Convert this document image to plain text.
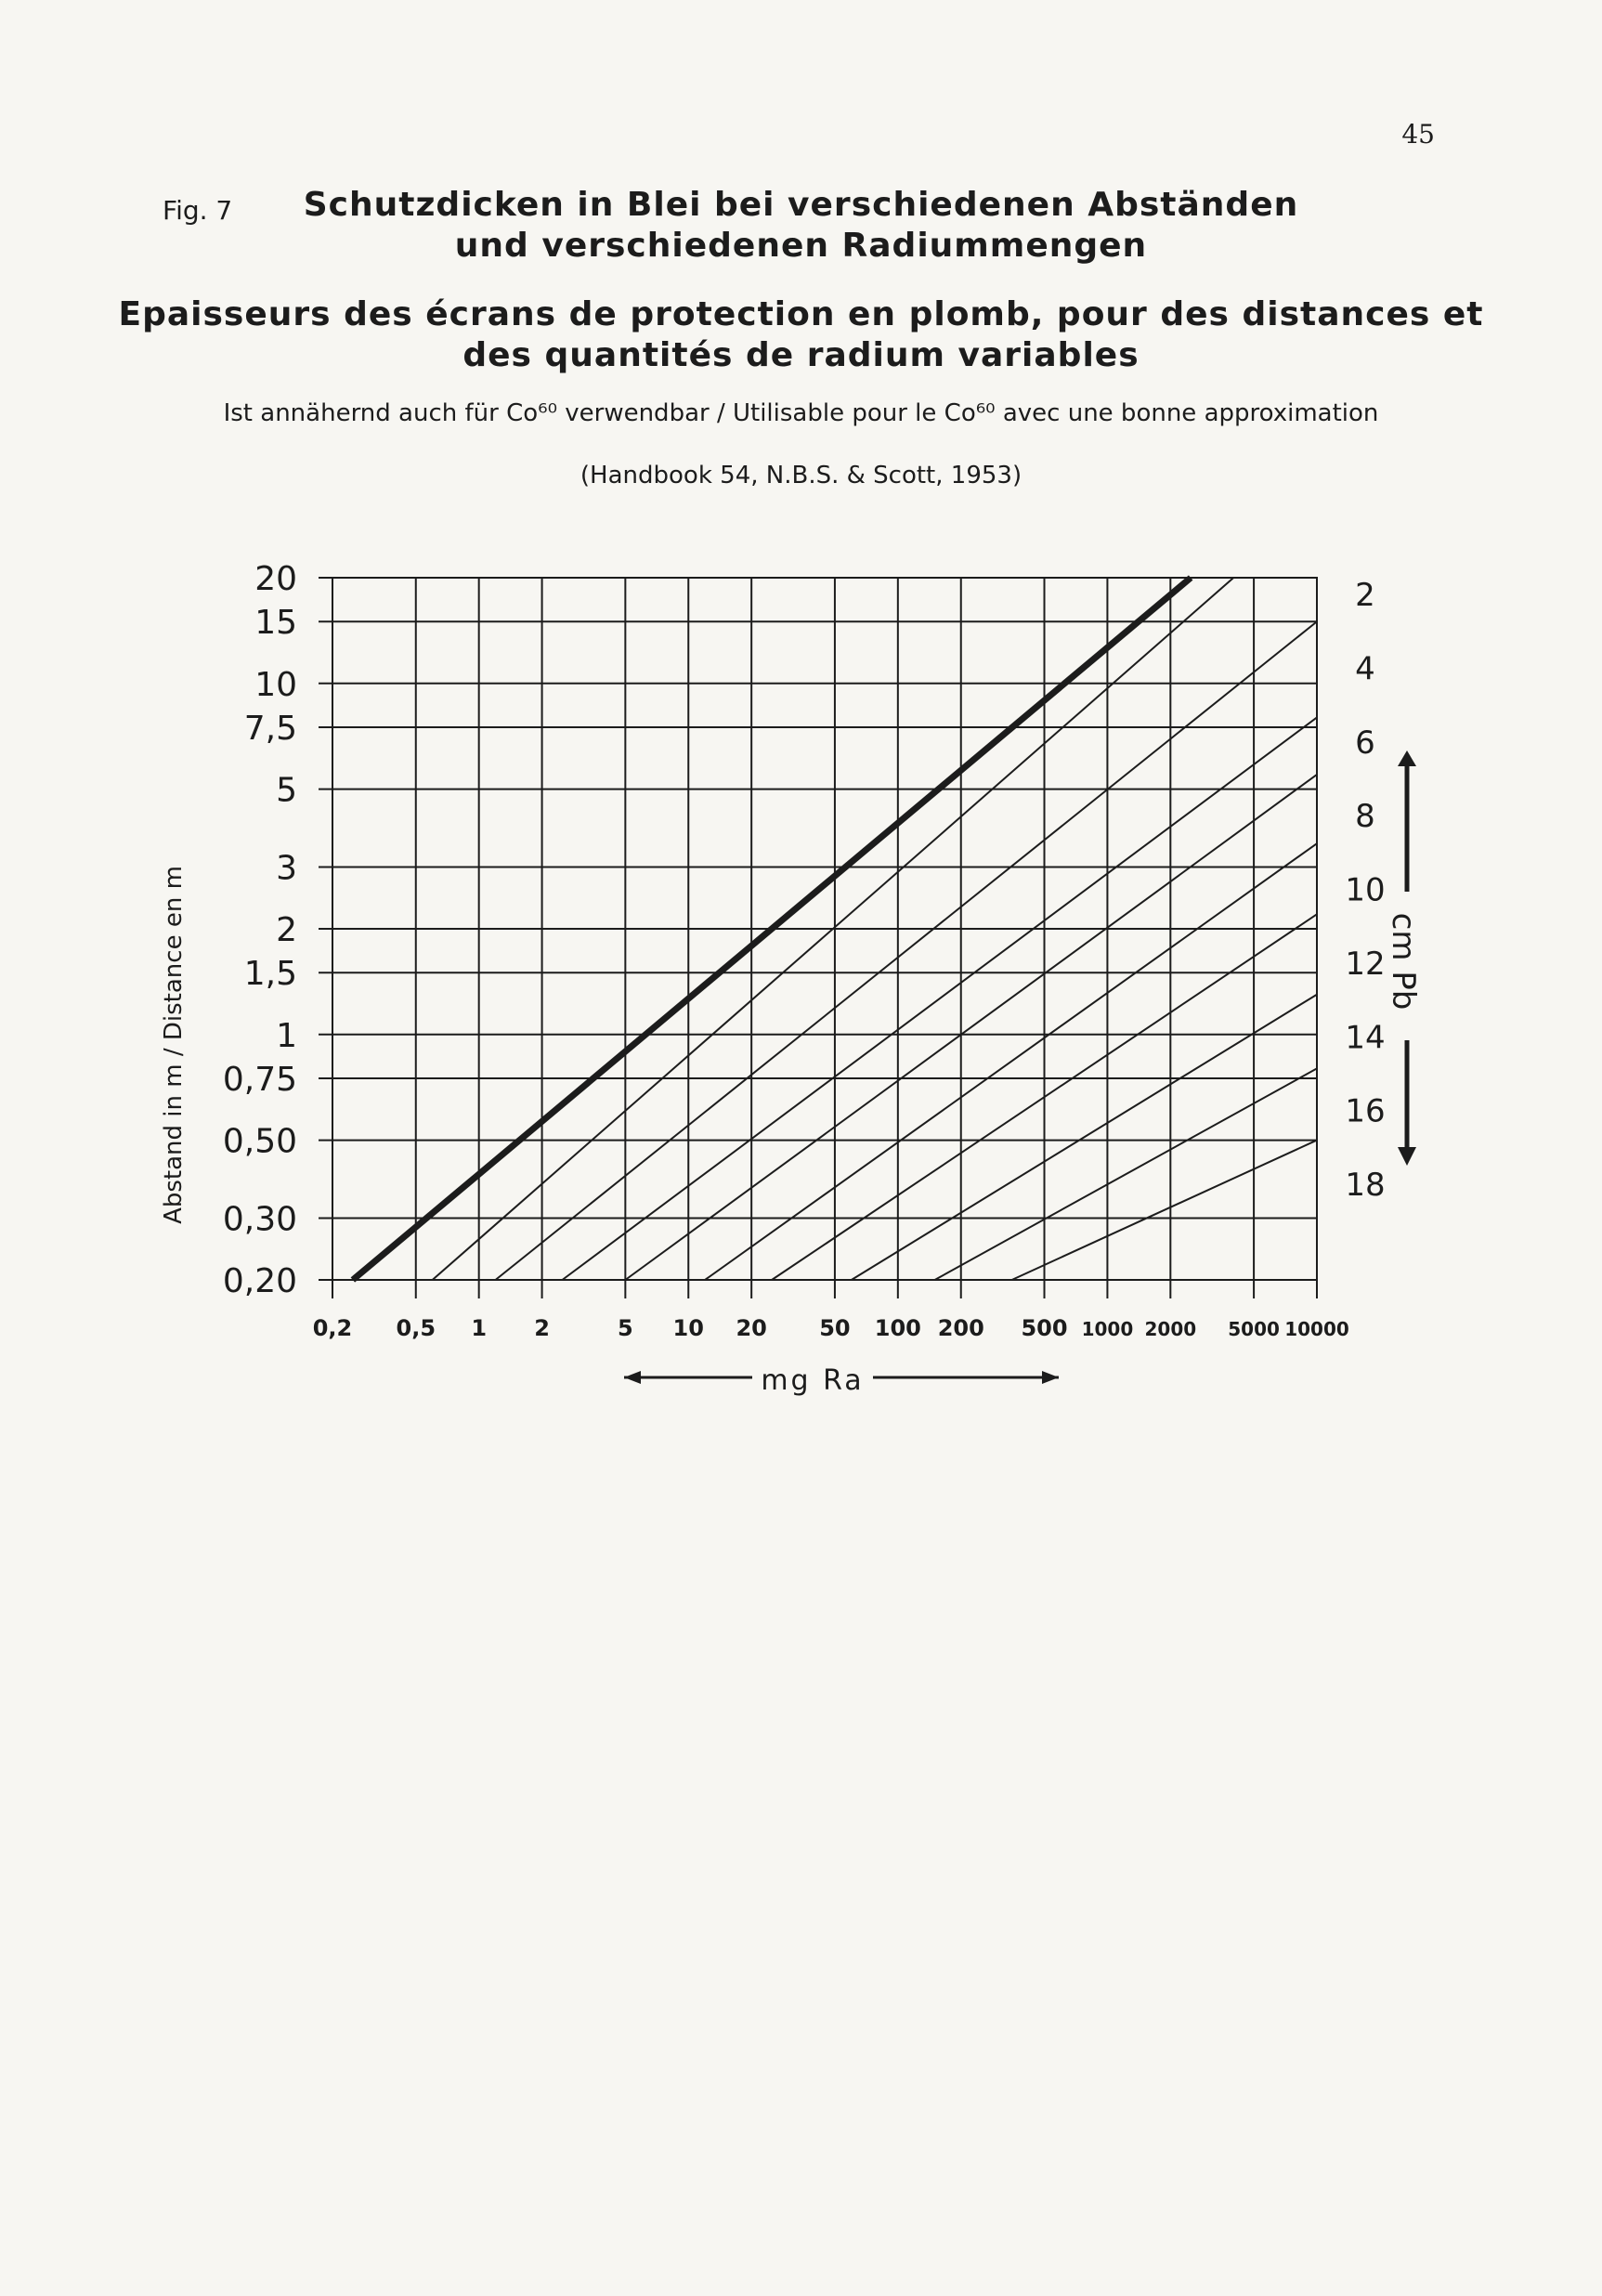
45
Fig. 7	Schutzdicken in Blei bei verschiedenen Abständen
und verschiedenen Radiummengen
Epaisseurs des écrans de protection en plomb, pour des distances et
des quantités de radium variables
Ist annähernd auch für Co⁶⁰ verwendbar / Utilisable pour le Co⁶⁰ avec une bonne approximation
(Handbook 54, N.B.S. & Scott, 1953)
0,2 0,5 1 2	5 10 20 50 100 200 500 1000 2000 5000 10000
20
15
10
7,5
5
3
2
1,5
1
0,75
0,50
0,30
0,20
2
4
6
8
10
12
14
16
18
Abstand in m / Distance en m	cm Pb
mg Ra
